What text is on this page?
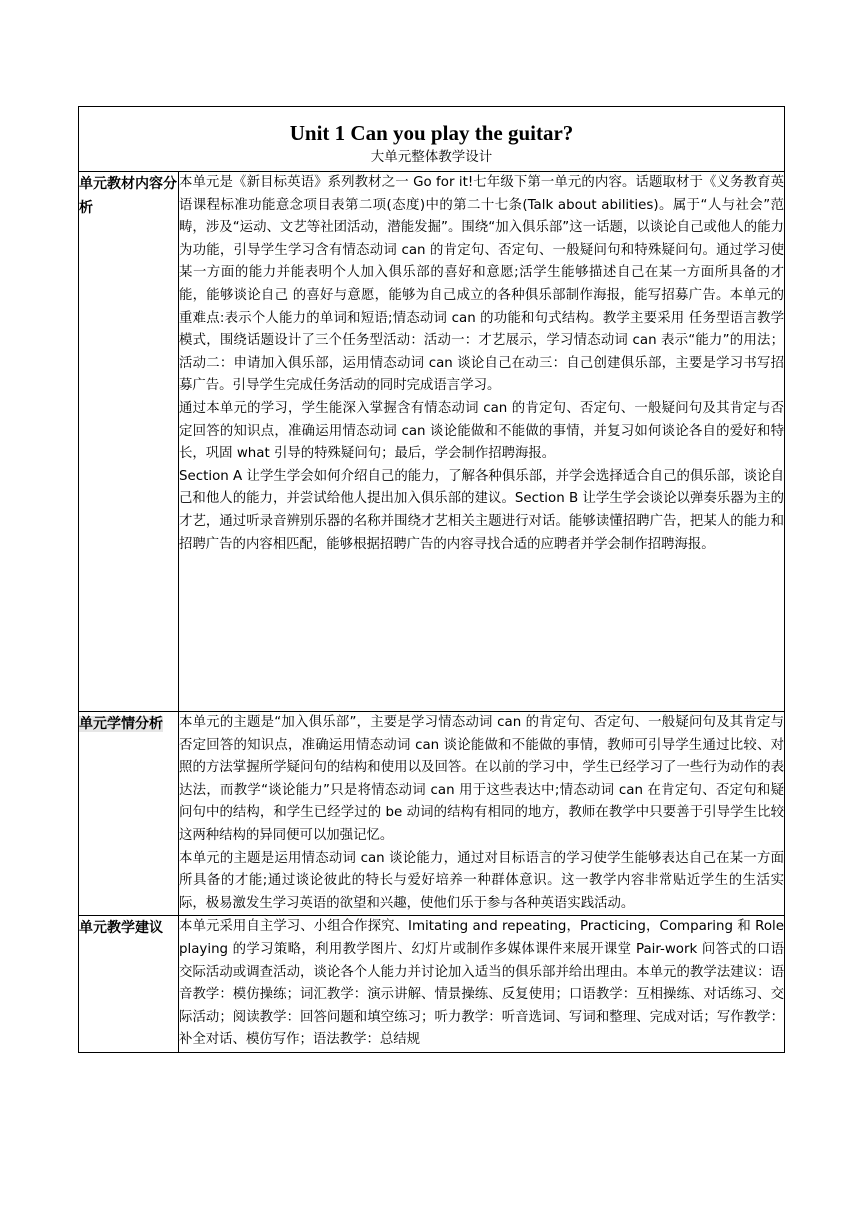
Unit 1 Can you play the guitar?
大单元整体教学设计	

单元教材内容分析	本单元是《新目标英语》系列教材之一 Go for it!七年级下第一单元的内容。话题取材于《义务教育英语课程标准功能意念项目表第二项(态度)中的第二十七条(Talk about abilities)。属于“人与社会”范畴，涉及“运动、文艺等社团活动，潜能发掘”。围绕“加入俱乐部”这一话题，以谈论自己或他人的能力为功能，引导学生学习含有情态动词 can 的肯定句、否定句、一般疑问句和特殊疑问句。通过学习使某一方面的能力并能表明个人加入俱乐部的喜好和意愿;活学生能够描述自己在某一方面所具备的才能，能够谈论自己 的喜好与意愿，能够为自己成立的各种俱乐部制作海报，能写招募广告。本单元的重难点:表示个人能力的单词和短语;情态动词 can 的功能和句式结构。教学主要采用 任务型语言教学模式，围绕话题设计了三个任务型活动：活动一：才艺展示，学习情态动词 can 表示“能力”的用法；活动二：申请加入俱乐部，运用情态动词 can 谈论自己在动三：自己创建俱乐部，主要是学习书写招募广告。引导学生完成任务活动的同时完成语言学习。

通过本单元的学习，学生能深入掌握含有情态动词 can 的肯定句、否定句、一般疑问句及其肯定与否定回答的知识点，准确运用情态动词 can 谈论能做和不能做的事情，并复习如何谈论各自的爱好和特长，巩固 what 引导的特殊疑问句；最后，学会制作招聘海报。

Section A 让学生学会如何介绍自己的能力，了解各种俱乐部，并学会选择适合自己的俱乐部，谈论自己和他人的能力，并尝试给他人提出加入俱乐部的建议。Section B 让学生学会谈论以弹奏乐器为主的才艺，通过听录音辨别乐器的名称并围绕才艺相关主题进行对话。能够读懂招聘广告，把某人的能力和招聘广告的内容相匹配，能够根据招聘广告的内容寻找合适的应聘者并学会制作招聘海报。

单元学情分析	本单元的主题是“加入俱乐部”，主要是学习情态动词 can 的肯定句、否定句、一般疑问句及其肯定与否定回答的知识点，准确运用情态动词 can 谈论能做和不能做的事情，教师可引导学生通过比较、对照的方法掌握所学疑问句的结构和使用以及回答。在以前的学习中，学生已经学习了一些行为动作的表达法，而教学“谈论能力”只是将情态动词 can 用于这些表达中;情态动词 can 在肯定句、否定句和疑问句中的结构，和学生已经学过的 be 动词的结构有相同的地方，教师在教学中只要善于引导学生比较这两种结构的异同便可以加强记忆。

本单元的主题是运用情态动词 can 谈论能力，通过对目标语言的学习使学生能够表达自己在某一方面所具备的才能;通过谈论彼此的特长与爱好培养一种群体意识。这一教学内容非常贴近学生的生活实际，极易激发生学习英语的欲望和兴趣，使他们乐于参与各种英语实践活动。

单元教学建议	本单元采用自主学习、小组合作探究、Imitating and repeating，Practicing，Comparing 和 Role playing 的学习策略，利用教学图片、幻灯片或制作多媒体课件来展开课堂 Pair-work 问答式的口语交际活动或调查活动，谈论各个人能力并讨论加入适当的俱乐部并给出理由。本单元的教学法建议：语音教学：模仿操练；词汇教学：演示讲解、情景操练、反复使用；口语教学：互相操练、对话练习、交际活动；阅读教学：回答问题和填空练习；听力教学：听音选词、写词和整理、完成对话；写作教学：补全对话、模仿写作；语法教学：总结规
